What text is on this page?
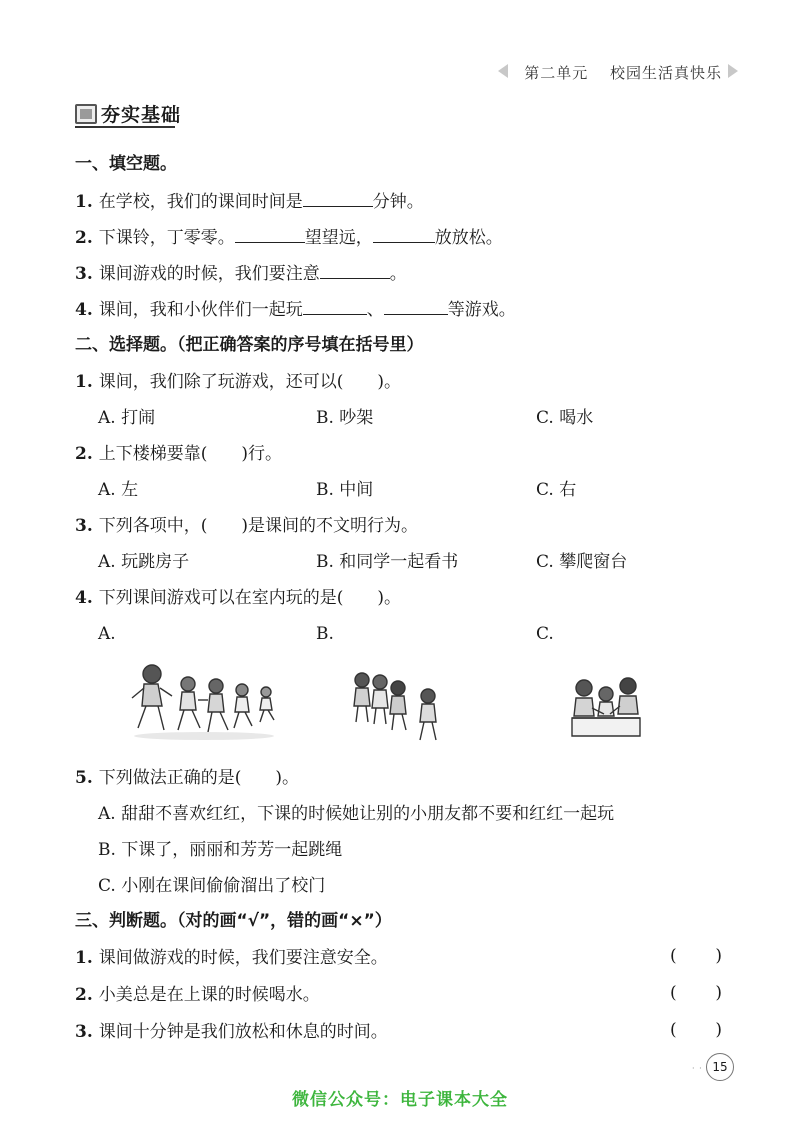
第二单元 校园生活真快乐
夯实基础
一、填空题。
1. 在学校，我们的课间时间是	分钟。
2. 下课铃，丁零零。	望望远，	放放松。
3. 课间游戏的时候，我们要注意	。
4. 课间，我和小伙伴们一起玩	、	等游戏。
二、选择题。（把正确答案的序号填在括号里）
1. 课间，我们除了玩游戏，还可以(　　)。
A. 打闹	B. 吵架	C. 喝水
2. 上下楼梯要靠(　　)行。
A. 左	B. 中间	C. 右
3. 下列各项中，(　　)是课间的不文明行为。
A. 玩跳房子	B. 和同学一起看书	C. 攀爬窗台
4. 下列课间游戏可以在室内玩的是(　　)。
A.	B.	C.
5. 下列做法正确的是(　　)。
A. 甜甜不喜欢红红，下课的时候她让别的小朋友都不要和红红一起玩
B. 下课了，丽丽和芳芳一起跳绳
C. 小刚在课间偷偷溜出了校门
三、判断题。（对的画“√”，错的画“×”）
1. 课间做游戏的时候，我们要注意安全。	( )
2. 小美总是在上课的时候喝水。	( )
3. 课间十分钟是我们放松和休息的时间。	( )
· · 15
微信公众号：电子课本大全
